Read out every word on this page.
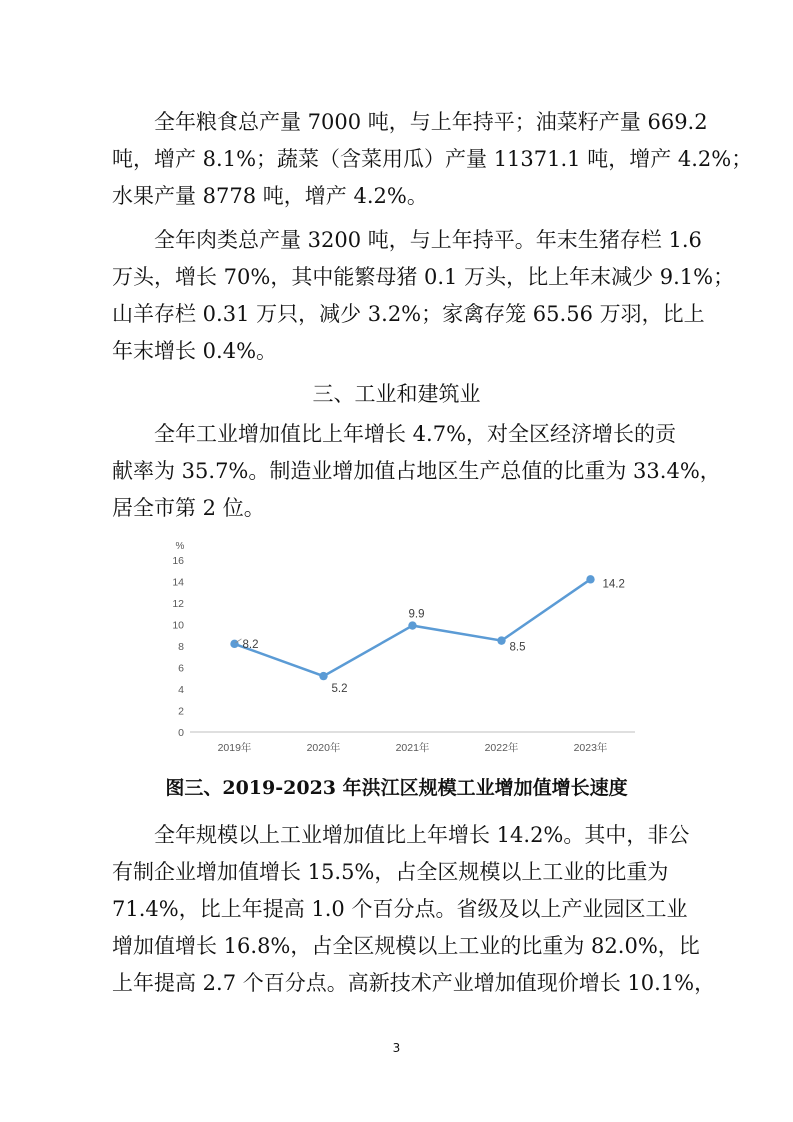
全年粮食总产量 7000 吨，与上年持平；油菜籽产量 669.2
吨，增产 8.1%；蔬菜（含菜用瓜）产量 11371.1 吨，增产 4.2%；
水果产量 8778 吨，增产 4.2%。
全年肉类总产量 3200 吨，与上年持平。年末生猪存栏 1.6
万头，增长 70%，其中能繁母猪 0.1 万头，比上年末减少 9.1%；
山羊存栏 0.31 万只，减少 3.2%；家禽存笼 65.56 万羽，比上
年末增长 0.4%。
三、工业和建筑业
全年工业增加值比上年增长 4.7%，对全区经济增长的贡
献率为 35.7%。制造业增加值占地区生产总值的比重为 33.4%，
居全市第 2 位。
%
0
2
4
6
8
10
12
14
16
2019年	2020年	2021年	2022年	2023年
8.2
5.2
9.9
8.5
14.2
图三、2019-2023 年洪江区规模工业增加值增长速度
全年规模以上工业增加值比上年增长 14.2%。其中，非公
有制企业增加值增长 15.5%，占全区规模以上工业的比重为
71.4%，比上年提高 1.0 个百分点。省级及以上产业园区工业
增加值增长 16.8%，占全区规模以上工业的比重为 82.0%，比
上年提高 2.7 个百分点。高新技术产业增加值现价增长 10.1%，
3
